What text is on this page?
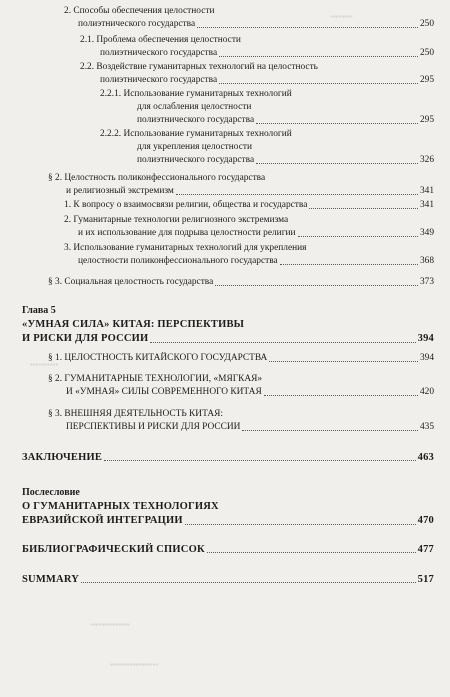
▪▪▪▪▪▪▪▪
▪▪▪▪▪▪▪▪▪▪
2. Способы обеспечения целостности
полиэтнического государства	250
2.1. Проблема обеспечения целостности
полиэтнического государства	250
2.2. Воздействие гуманитарных технологий на целостность
полиэтнического государства	295
2.2.1. Использование гуманитарных технологий
для ослабления целостности
полиэтнического государства	295
2.2.2. Использование гуманитарных технологий
для укрепления целостности
полиэтнического государства	326
§ 2. Целостность поликонфессионального государства
и религиозный экстремизм	341
1. К вопросу о взаимосвязи религии, общества и государства	341
2. Гуманитарные технологии религиозного экстремизма
и их использование для подрыва целостности религии	349
3. Использование гуманитарных технологий для укрепления
целостности поликонфессионального государства	368
§ 3. Социальная целостность государства	373
Глава 5
«УМНАЯ СИЛА» КИТАЯ: ПЕРСПЕКТИВЫ
И РИСКИ ДЛЯ РОССИИ	394
§ 1. ЦЕЛОСТНОСТЬ КИТАЙСКОГО ГОСУДАРСТВА	394
§ 2. ГУМАНИТАРНЫЕ ТЕХНОЛОГИИ, «МЯГКАЯ»
И «УМНАЯ» СИЛЫ СОВРЕМЕННОГО КИТАЯ	420
§ 3. ВНЕШНЯЯ ДЕЯТЕЛЬНОСТЬ КИТАЯ:
ПЕРСПЕКТИВЫ И РИСКИ ДЛЯ РОССИИ	435
ЗАКЛЮЧЕНИЕ	463
Послесловие
О ГУМАНИТАРНЫХ ТЕХНОЛОГИЯХ
ЕВРАЗИЙСКОЙ ИНТЕГРАЦИИ	470
БИБЛИОГРАФИЧЕСКИЙ СПИСОК	477
SUMMARY	517
▪▪▪▪▪▪▪▪▪▪▪▪▪▪
▪▪▪▪▪▪▪▪▪▪▪▪▪▪▪▪▪
